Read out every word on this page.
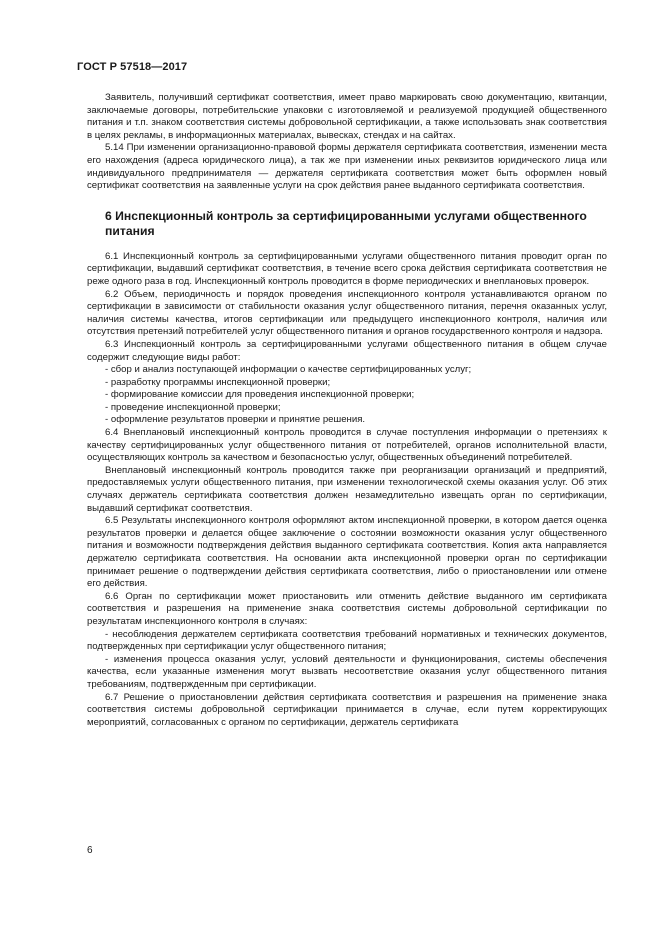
ГОСТ Р 57518—2017

Заявитель, получивший сертификат соответствия, имеет право маркировать свою документацию, квитанции, заключаемые договоры, потребительские упаковки с изготовляемой и реализуемой продукцией общественного питания и т.п. знаком соответствия системы добровольной сертификации, а также использовать знак соответствия в целях рекламы, в информационных материалах, вывесках, стендах и на сайтах.

5.14 При изменении организационно-правовой формы держателя сертификата соответствия, изменении места его нахождения (адреса юридического лица), а так же при изменении иных реквизитов юридического лица или индивидуального предпринимателя — держателя сертификата соответствия может быть оформлен новый сертификат соответствия на заявленные услуги на срок действия ранее выданного сертификата соответствия.

6 Инспекционный контроль за сертифицированными услугами общественного питания

6.1 Инспекционный контроль за сертифицированными услугами общественного питания проводит орган по сертификации, выдавший сертификат соответствия, в течение всего срока действия сертификата соответствия не реже одного раза в год. Инспекционный контроль проводится в форме периодических и внеплановых проверок.

6.2 Объем, периодичность и порядок проведения инспекционного контроля устанавливаются органом по сертификации в зависимости от стабильности оказания услуг общественного питания, перечня оказанных услуг, наличия системы качества, итогов сертификации или предыдущего инспекционного контроля, наличия или отсутствия претензий потребителей услуг общественного питания и органов государственного контроля и надзора.

6.3 Инспекционный контроль за сертифицированными услугами общественного питания в общем случае содержит следующие виды работ:

- сбор и анализ поступающей информации о качестве сертифицированных услуг;

- разработку программы инспекционной проверки;

- формирование комиссии для проведения инспекционной проверки;

- проведение инспекционной проверки;

- оформление результатов проверки и принятие решения.

6.4 Внеплановый инспекционный контроль проводится в случае поступления информации о претензиях к качеству сертифицированных услуг общественного питания от потребителей, органов исполнительной власти, осуществляющих контроль за качеством и безопасностью услуг, общественных объединений потребителей.

Внеплановый инспекционный контроль проводится также при реорганизации организаций и предприятий, предоставляемых услуги общественного питания, при изменении технологической схемы оказания услуг. Об этих случаях держатель сертификата соответствия должен незамедлительно извещать орган по сертификации, выдавший сертификат соответствия.

6.5 Результаты инспекционного контроля оформляют актом инспекционной проверки, в котором дается оценка результатов проверки и делается общее заключение о состоянии возможности оказания услуг общественного питания и возможности подтверждения действия выданного сертификата соответствия. Копия акта направляется держателю сертификата соответствия. На основании акта инспекционной проверки орган по сертификации принимает решение о подтверждении действия сертификата соответствия, либо о приостановлении или отмене его действия.

6.6 Орган по сертификации может приостановить или отменить действие выданного им сертификата соответствия и разрешения на применение знака соответствия системы добровольной сертификации по результатам инспекционного контроля в случаях:

- несоблюдения держателем сертификата соответствия требований нормативных и технических документов, подтвержденных при сертификации услуг общественного питания;

- изменения процесса оказания услуг, условий деятельности и функционирования, системы обеспечения качества, если указанные изменения могут вызвать несоответствие оказания услуг общественного питания требованиям, подтвержденным при сертификации.

6.7 Решение о приостановлении действия сертификата соответствия и разрешения на применение знака соответствия системы добровольной сертификации принимается в случае, если путем корректирующих мероприятий, согласованных с органом по сертификации, держатель сертификата

6
